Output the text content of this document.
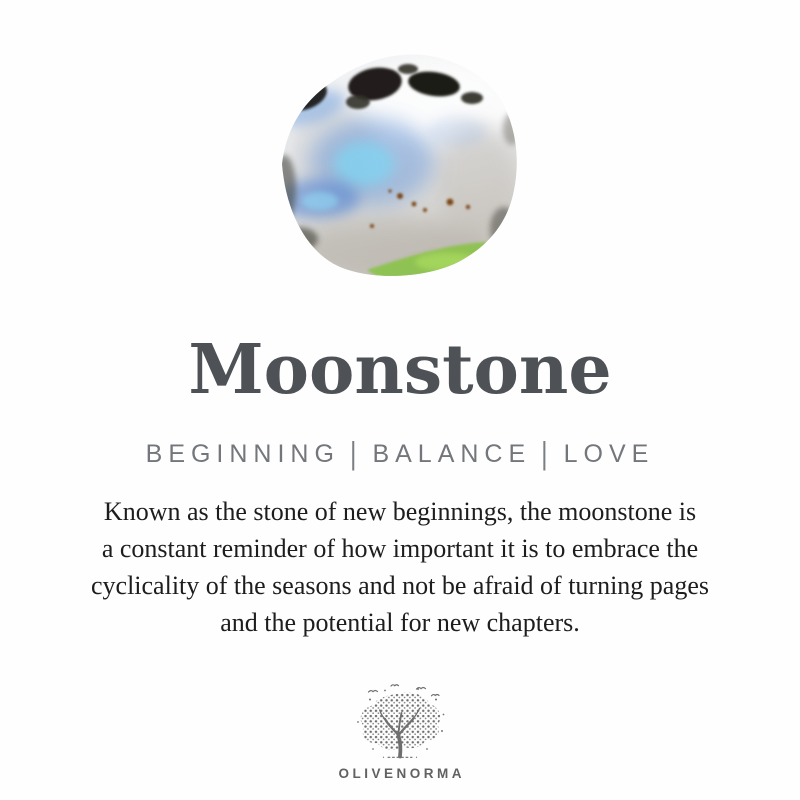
Moonstone
BEGINNING | BALANCE | LOVE
Known as the stone of new beginnings, the moonstone is
a constant reminder of how important it is to embrace the
cyclicality of the seasons and not be afraid of turning pages
and the potential for new chapters.
OLIVENORMA
